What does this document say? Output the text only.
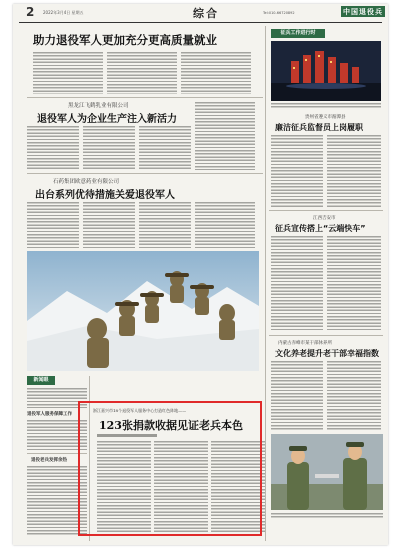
2 2022年3月4日 星期五	综合	Tel:010-66720892	中国退役兵
助力退役军人更加充分更高质量就业
黑龙江飞鹤乳业有限公司
退役军人为企业生产注入新活力
石药集团欧意药业有限公司
出台系列优待措施关爱退役军人
征兵工作进行时
贵州省遵义市湄潭县
廉洁征兵监督员上岗履职
江西吉安市
征兵宣传搭上“云端快车”
内蒙古赤峰市某干部休养所
文化养老提升老干部幸福指数
新闻眼
退役军人服务保障工作
退役老兵发挥余热
浙江嘉兴市18个退役军人服务中心打造红色阵地——
123张捐款收据见证老兵本色
